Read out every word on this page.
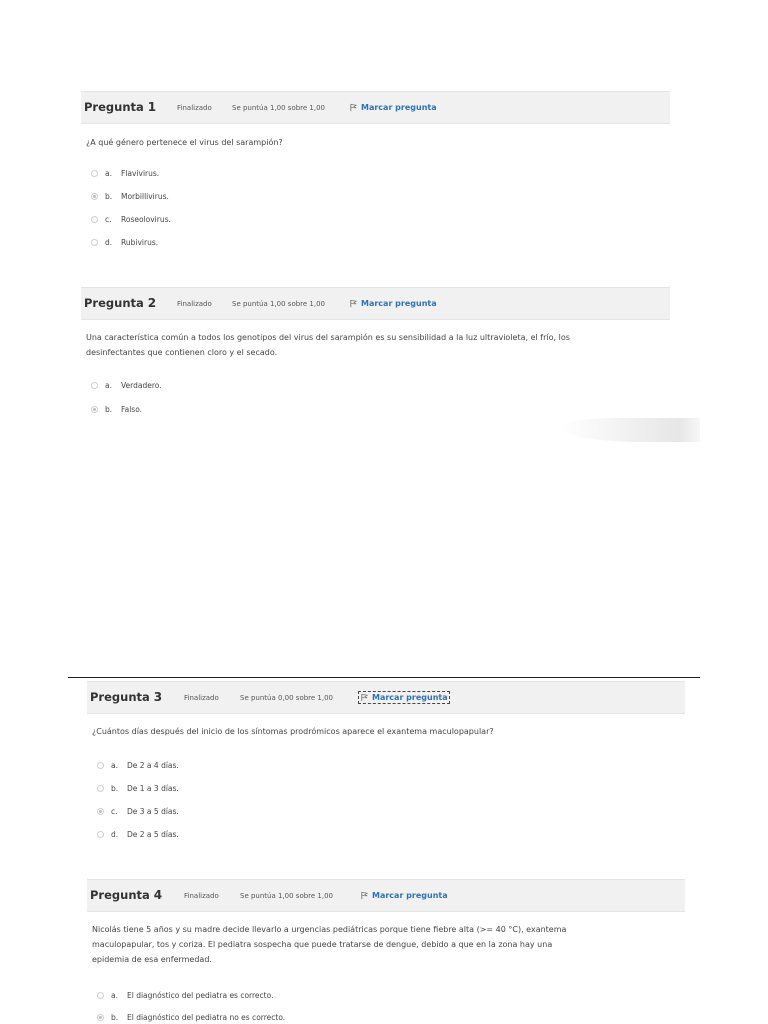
Pregunta 1	Finalizado	Se puntúa 1,00 sobre 1,00	Marcar pregunta
¿A qué género pertenece el virus del sarampión?
a.	Flavivirus.
b.	Morbillivirus.
c.	Roseolovirus.
d.	Rubivirus.
Pregunta 2	Finalizado	Se puntúa 1,00 sobre 1,00	Marcar pregunta
Una característica común a todos los genotipos del virus del sarampión es su sensibilidad a la luz ultravioleta, el frío, los
desinfectantes que contienen cloro y el secado.
a.	Verdadero.
b.	Falso.
Pregunta 3	Finalizado	Se puntúa 0,00 sobre 1,00	Marcar pregunta
¿Cuántos días después del inicio de los síntomas prodrómicos aparece el exantema maculopapular?
a.	De 2 a 4 días.
b.	De 1 a 3 días.
c.	De 3 a 5 días.
d.	De 2 a 5 días.
Pregunta 4	Finalizado	Se puntúa 1,00 sobre 1,00	Marcar pregunta
Nicolás tiene 5 años y su madre decide llevarlo a urgencias pediátricas porque tiene fiebre alta (>= 40 °C), exantema
maculopapular, tos y coriza. El pediatra sospecha que puede tratarse de dengue, debido a que en la zona hay una
epidemia de esa enfermedad.
a.	El diagnóstico del pediatra es correcto.
b.	El diagnóstico del pediatra no es correcto.
